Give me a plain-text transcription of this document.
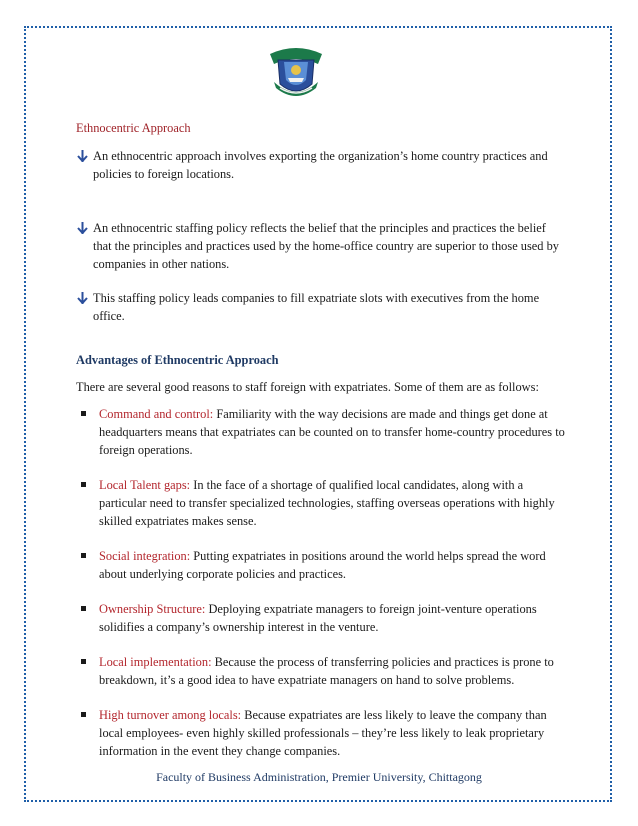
Ethnocentric Approach
An ethnocentric approach involves exporting the organization’s home country practices and policies to foreign locations.
An ethnocentric staffing policy reflects the belief that the principles and practices the belief that the principles and practices used by the home-office country are superior to those used by companies in other nations.
This staffing policy leads companies to fill expatriate slots with executives from the home office.
Advantages of Ethnocentric Approach
There are several good reasons to staff foreign with expatriates. Some of them are as follows:
Command and control: Familiarity with the way decisions are made and things get done at headquarters means that expatriates can be counted on to transfer home-country procedures to foreign operations.
Local Talent gaps: In the face of a shortage of qualified local candidates, along with a particular need to transfer specialized technologies, staffing overseas operations with highly skilled expatriates makes sense.
Social integration: Putting expatriates in positions around the world helps spread the word about underlying corporate policies and practices.
Ownership Structure: Deploying expatriate managers to foreign joint-venture operations solidifies a company’s ownership interest in the venture.
Local implementation: Because the process of transferring policies and practices is prone to breakdown, it’s a good idea to have expatriate managers on hand to solve problems.
High turnover among locals: Because expatriates are less likely to leave the company than local employees- even highly skilled professionals – they’re less likely to leak proprietary information in the event they change companies.
Faculty of Business Administration, Premier University, Chittagong
